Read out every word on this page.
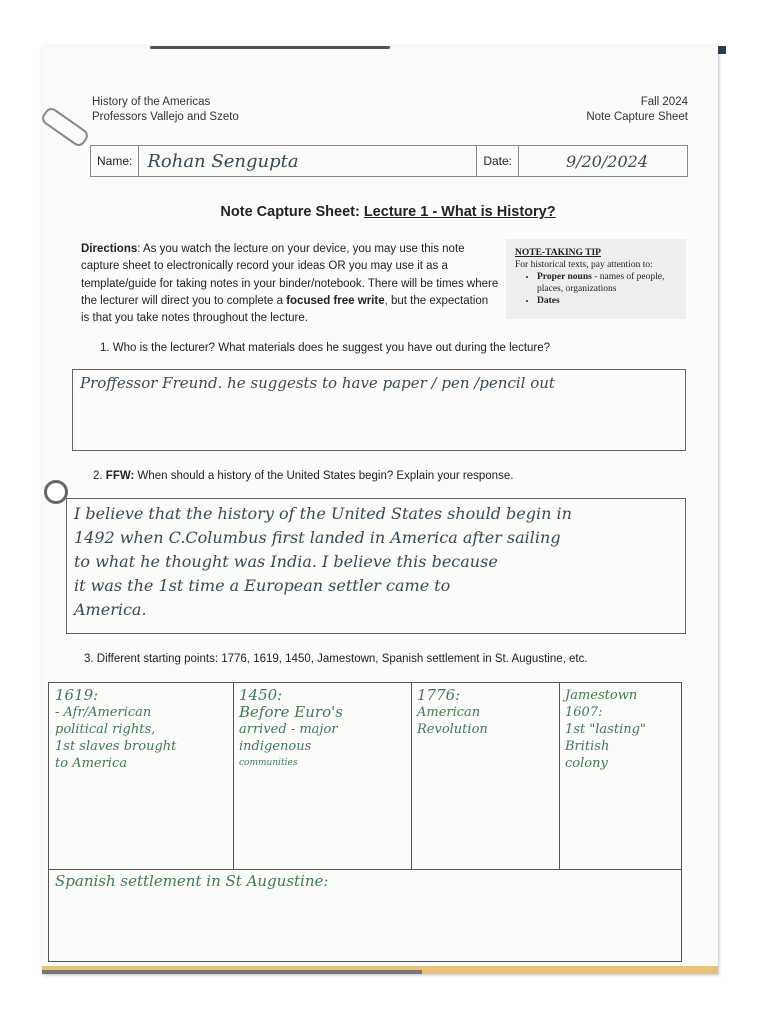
History of the Americas
Professors Vallejo and Szeto
Fall 2024
Note Capture Sheet
Name: Rohan Sengupta	Date:	9/20/2024
Note Capture Sheet: Lecture 1 - What is History?
Directions: As you watch the lecture on your device, you may use this note capture sheet to electronically record your ideas OR you may use it as a template/guide for taking notes in your binder/notebook. There will be times where the lecturer will direct you to complete a focused free write, but the expectation is that you take notes throughout the lecture.
NOTE-TAKING TIP
For historical texts, pay attention to:
• Proper nouns - names of people, places, organizations
• Dates
1. Who is the lecturer? What materials does he suggest you have out during the lecture?
Proffessor Freund. he suggests to have paper / pen /pencil out
2. FFW: When should a history of the United States begin? Explain your response.
I believe that the history of the United States should begin in
1492 when C.Columbus first landed in America after sailing
to what he thought was India. I believe this because
it was the 1st time a European settler came to
America.
3. Different starting points: 1776, 1619, 1450, Jamestown, Spanish settlement in St. Augustine, etc.
1619:
- Afr/American
political rights,
1st slaves brought
to America
1450:
Before Euro's
arrived - major
indigenous
communities
1776:
American
Revolution
Jamestown
1607:
1st "lasting"
British
colony
Spanish settlement in St Augustine:
